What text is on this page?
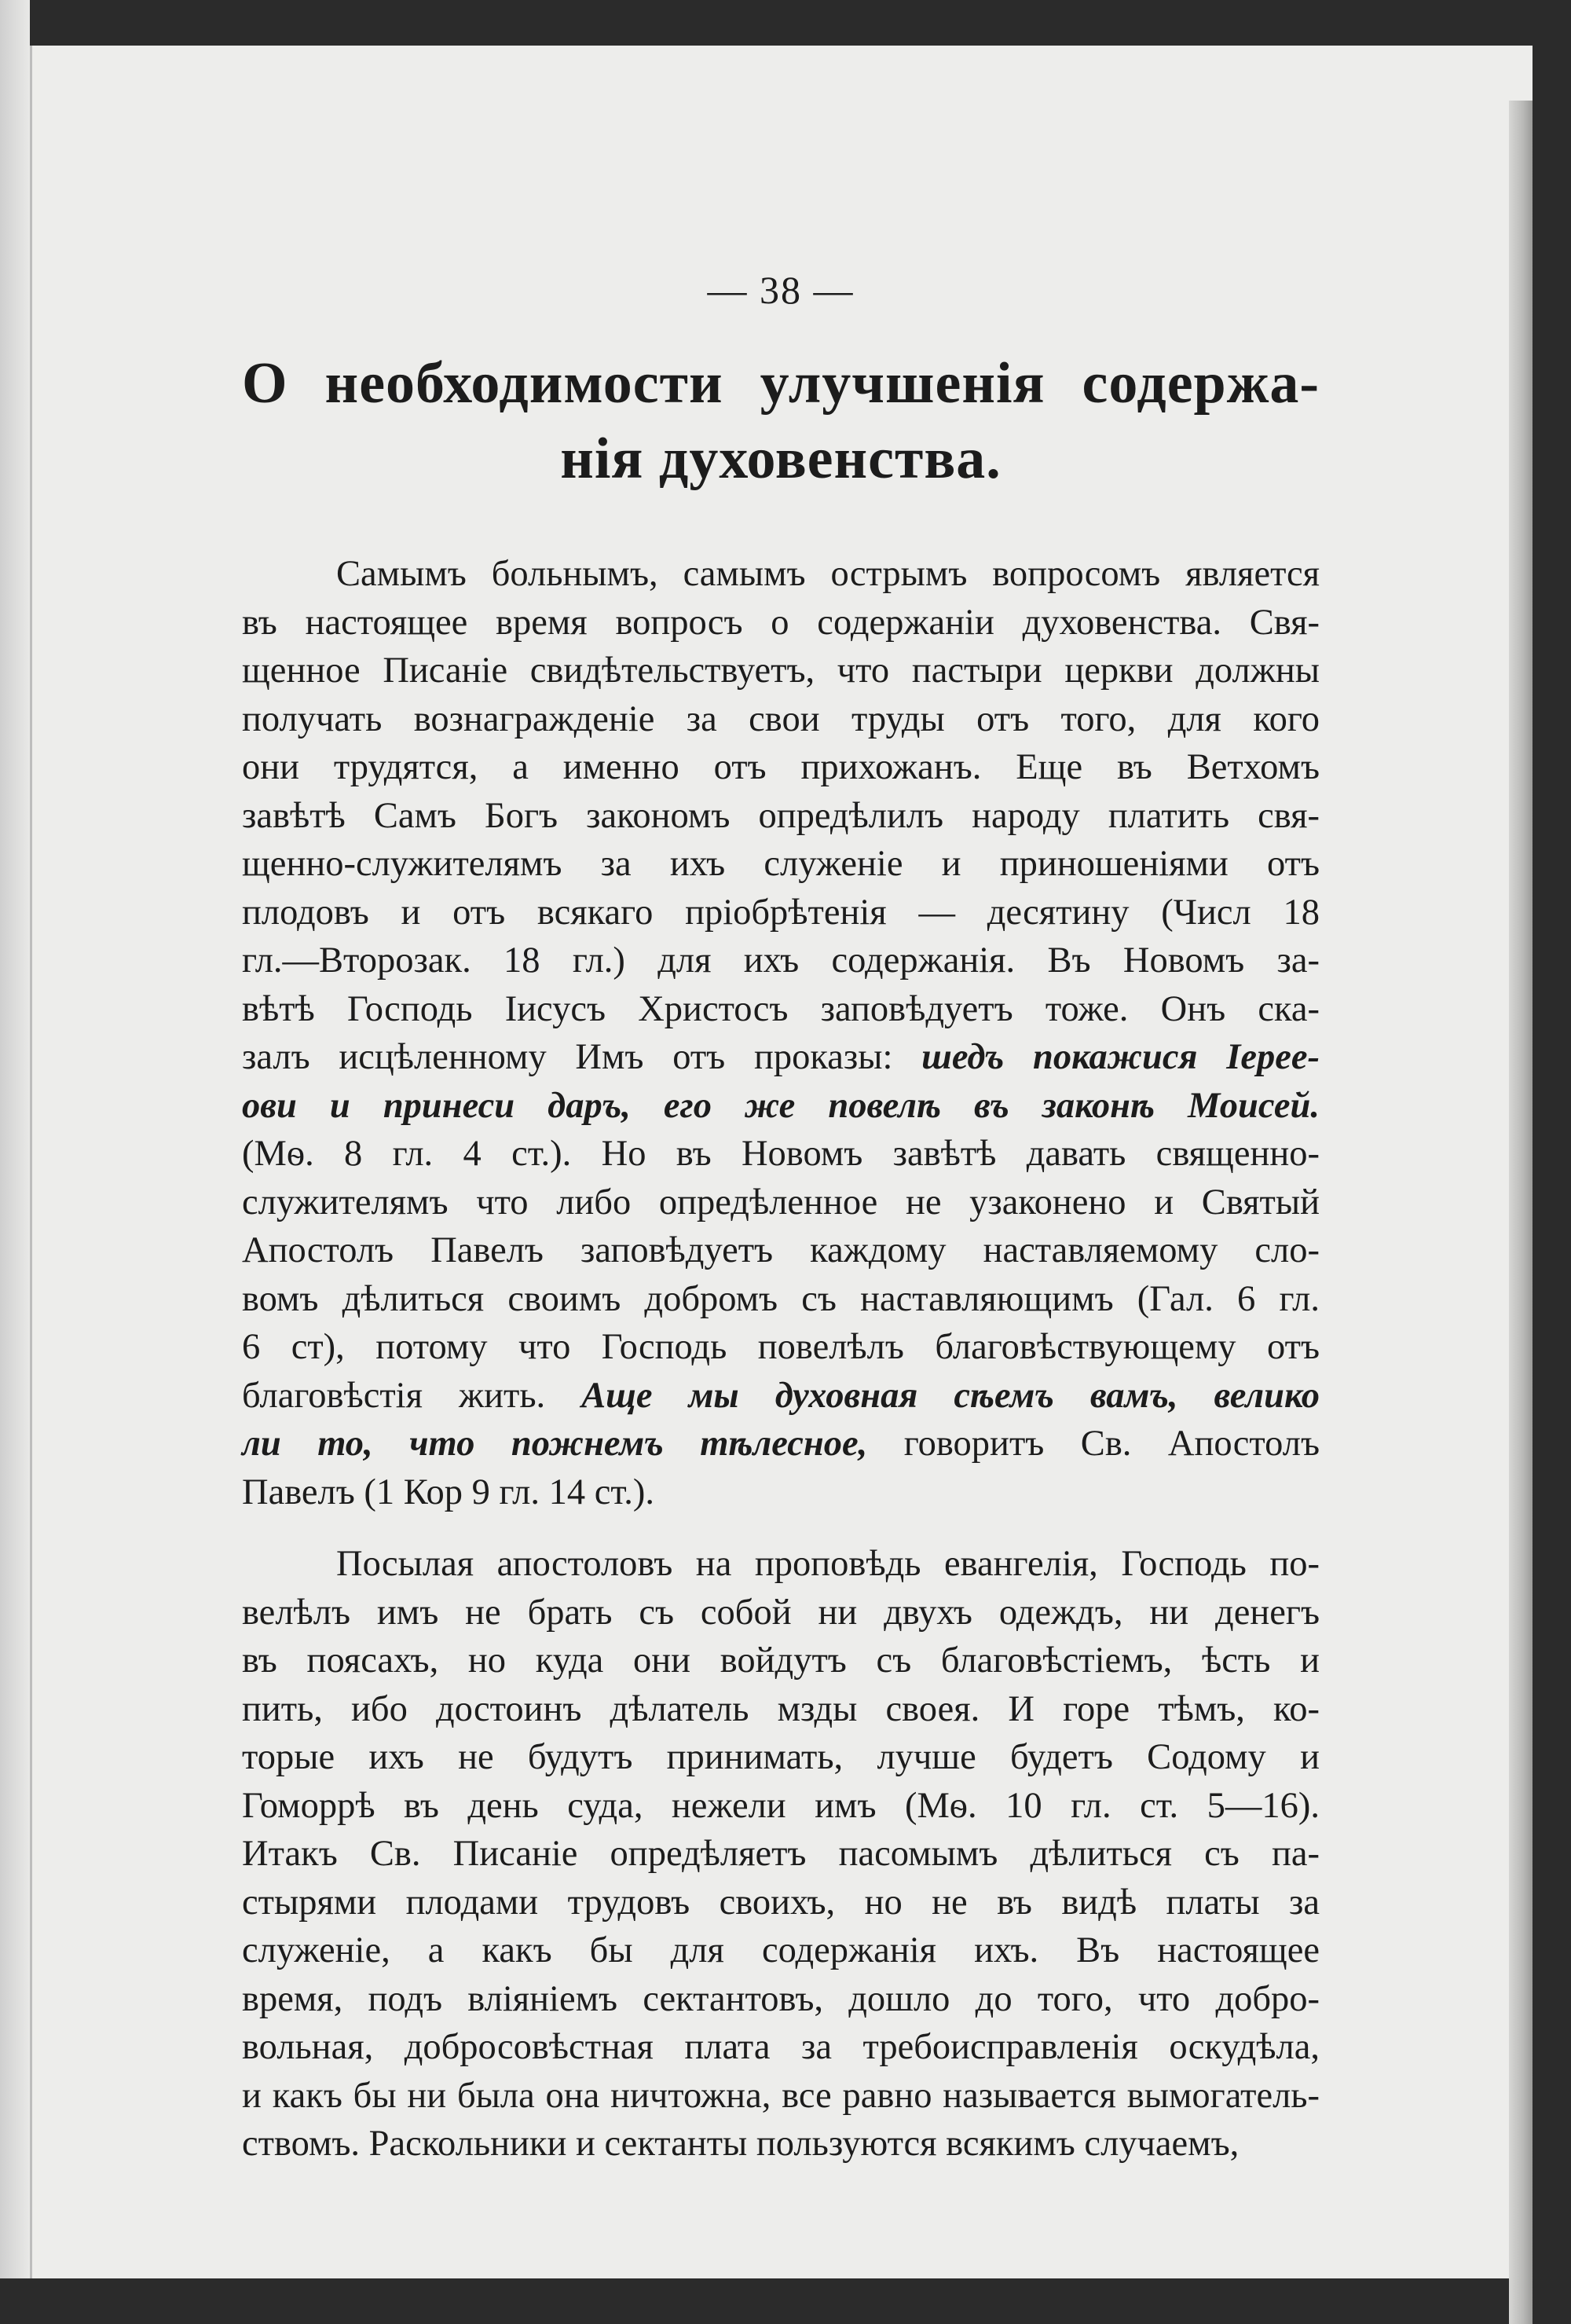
— 38 —
О необходимости улучшенія содержа-
нія духовенства.
Самымъ больнымъ, самымъ острымъ вопросомъ является
въ настоящее время вопросъ о содержаніи духовенства. Свя-
щенное Писаніе свидѣтельствуетъ, что пастыри церкви должны
получать вознагражденіе за свои труды отъ того, для кого
они трудятся, а именно отъ прихожанъ. Еще въ Ветхомъ
завѣтѣ Самъ Богъ закономъ опредѣлилъ народу платить свя-
щенно-служителямъ за ихъ служеніе и приношеніями отъ
плодовъ и отъ всякаго пріобрѣтенія — десятину (Числ 18
гл.—Второзак. 18 гл.) для ихъ содержанія. Въ Новомъ за-
вѣтѣ Господь Іисусъ Христосъ заповѣдуетъ тоже. Онъ ска-
залъ исцѣленному Имъ отъ проказы: шедъ покажися Іерее-
ови и принеси даръ, его же повелѣ въ законѣ Моисей.
(Мѳ. 8 гл. 4 ст.). Но въ Новомъ завѣтѣ давать священно-
служителямъ что либо опредѣленное не узаконено и Святый
Апостолъ Павелъ заповѣдуетъ каждому наставляемому сло-
вомъ дѣлиться своимъ добромъ съ наставляющимъ (Гал. 6 гл.
6 ст), потому что Господь повелѣлъ благовѣствующему отъ
благовѣстія жить. Аще мы духовная сѣемъ вамъ, велико
ли то, что пожнемъ тѣлесное, говоритъ Св. Апостолъ
Павелъ (1 Кор 9 гл. 14 ст.).
Посылая апостоловъ на проповѣдь евангелія, Господь по-
велѣлъ имъ не брать съ собой ни двухъ одеждъ, ни денегъ
въ поясахъ, но куда они войдутъ съ благовѣстіемъ, ѣсть и
пить, ибо достоинъ дѣлатель мзды своея. И горе тѣмъ, ко-
торые ихъ не будутъ принимать, лучше будетъ Содому и
Гоморрѣ въ день суда, нежели имъ (Мѳ. 10 гл. ст. 5—16).
Итакъ Св. Писаніе опредѣляетъ пасомымъ дѣлиться съ па-
стырями плодами трудовъ своихъ, но не въ видѣ платы за
служеніе, а какъ бы для содержанія ихъ. Въ настоящее
время, подъ вліяніемъ сектантовъ, дошло до того, что добро-
вольная, добросовѣстная плата за требоисправленія оскудѣла,
и какъ бы ни была она ничтожна, все равно называется вымогатель-
ствомъ. Раскольники и сектанты пользуются всякимъ случаемъ,
